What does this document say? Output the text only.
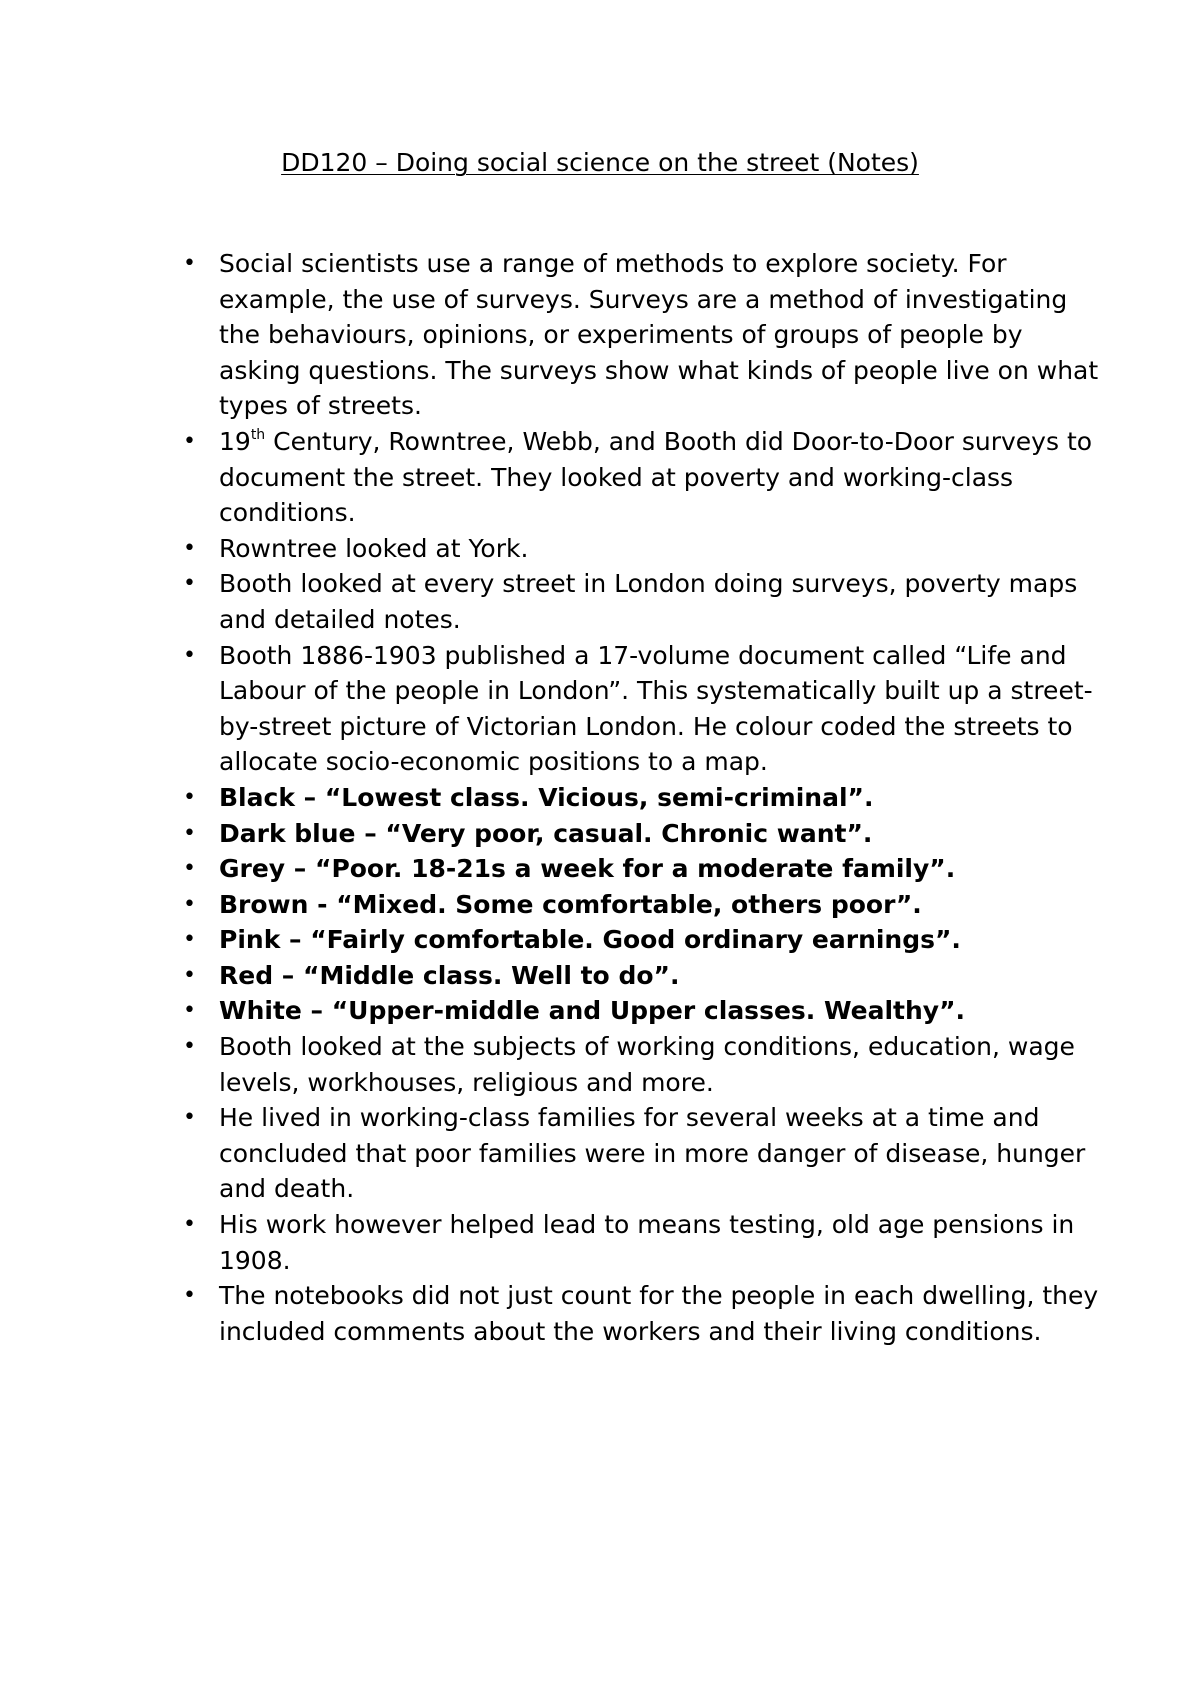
DD120 – Doing social science on the street (Notes)
• Social scientists use a range of methods to explore society. For example, the use of surveys. Surveys are a method of investigating the behaviours, opinions, or experiments of groups of people by asking questions. The surveys show what kinds of people live on what types of streets.
• 19th Century, Rowntree, Webb, and Booth did Door-to-Door surveys to document the street. They looked at poverty and working-class conditions.
• Rowntree looked at York.
• Booth looked at every street in London doing surveys, poverty maps and detailed notes.
• Booth 1886-1903 published a 17-volume document called “Life and Labour of the people in London”. This systematically built up a street-by-street picture of Victorian London. He colour coded the streets to allocate socio-economic positions to a map.
• Black – “Lowest class. Vicious, semi-criminal”.
• Dark blue – “Very poor, casual. Chronic want”.
• Grey – “Poor. 18-21s a week for a moderate family”.
• Brown - “Mixed. Some comfortable, others poor”.
• Pink – “Fairly comfortable. Good ordinary earnings”.
• Red – “Middle class. Well to do”.
• White – “Upper-middle and Upper classes. Wealthy”.
• Booth looked at the subjects of working conditions, education, wage levels, workhouses, religious and more.
• He lived in working-class families for several weeks at a time and concluded that poor families were in more danger of disease, hunger and death.
• His work however helped lead to means testing, old age pensions in 1908.
• The notebooks did not just count for the people in each dwelling, they included comments about the workers and their living conditions.
